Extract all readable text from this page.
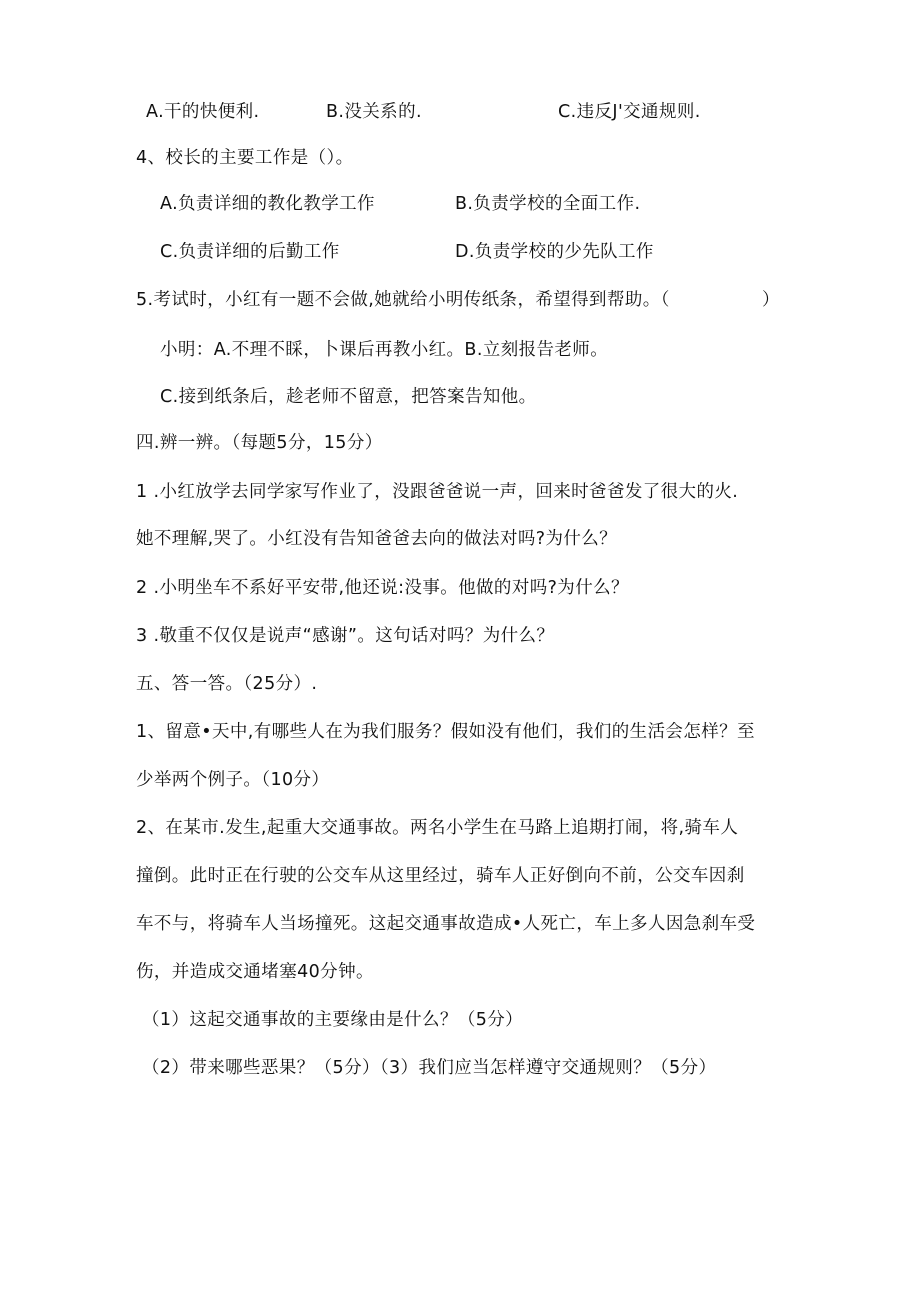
A.干的快便利.	B.没关系的.	C.违反J'交通规则.
4、校长的主要工作是（）。
A.负责详细的教化教学工作	B.负责学校的全面工作.
C.负责详细的后勤工作	D.负责学校的少先队工作
5.考试时，小红有一题不会做,她就给小明传纸条，希望得到帮助。（	）
小明：A.不理不睬，卜课后再教小红。B.立刻报告老师。
C.接到纸条后，趁老师不留意，把答案告知他。
四.辨一辨。（每题5分，15分）
1 .小红放学去同学家写作业了，没跟爸爸说一声，回来时爸爸发了很大的火.
她不理解,哭了。小红没有告知爸爸去向的做法对吗?为什么？
2 .小明坐车不系好平安带,他还说:没事。他做的对吗?为什么？
3 .敬重不仅仅是说声“感谢”。这句话对吗？为什么？
五、答一答。（25分）.
1、留意•天中,有哪些人在为我们服务？假如没有他们，我们的生活会怎样？至
少举两个例子。（10分）
2、在某市.发生,起重大交通事故。两名小学生在马路上追期打闹，将,骑车人
撞倒。此时正在行驶的公交车从这里经过，骑车人正好倒向不前，公交车因刹
车不与，将骑车人当场撞死。这起交通事故造成•人死亡，车上多人因急刹车受
伤，并造成交通堵塞40分钟。
（1）这起交通事故的主要缘由是什么？（5分）
（2）带来哪些恶果？（5分）（3）我们应当怎样遵守交通规则？（5分）
